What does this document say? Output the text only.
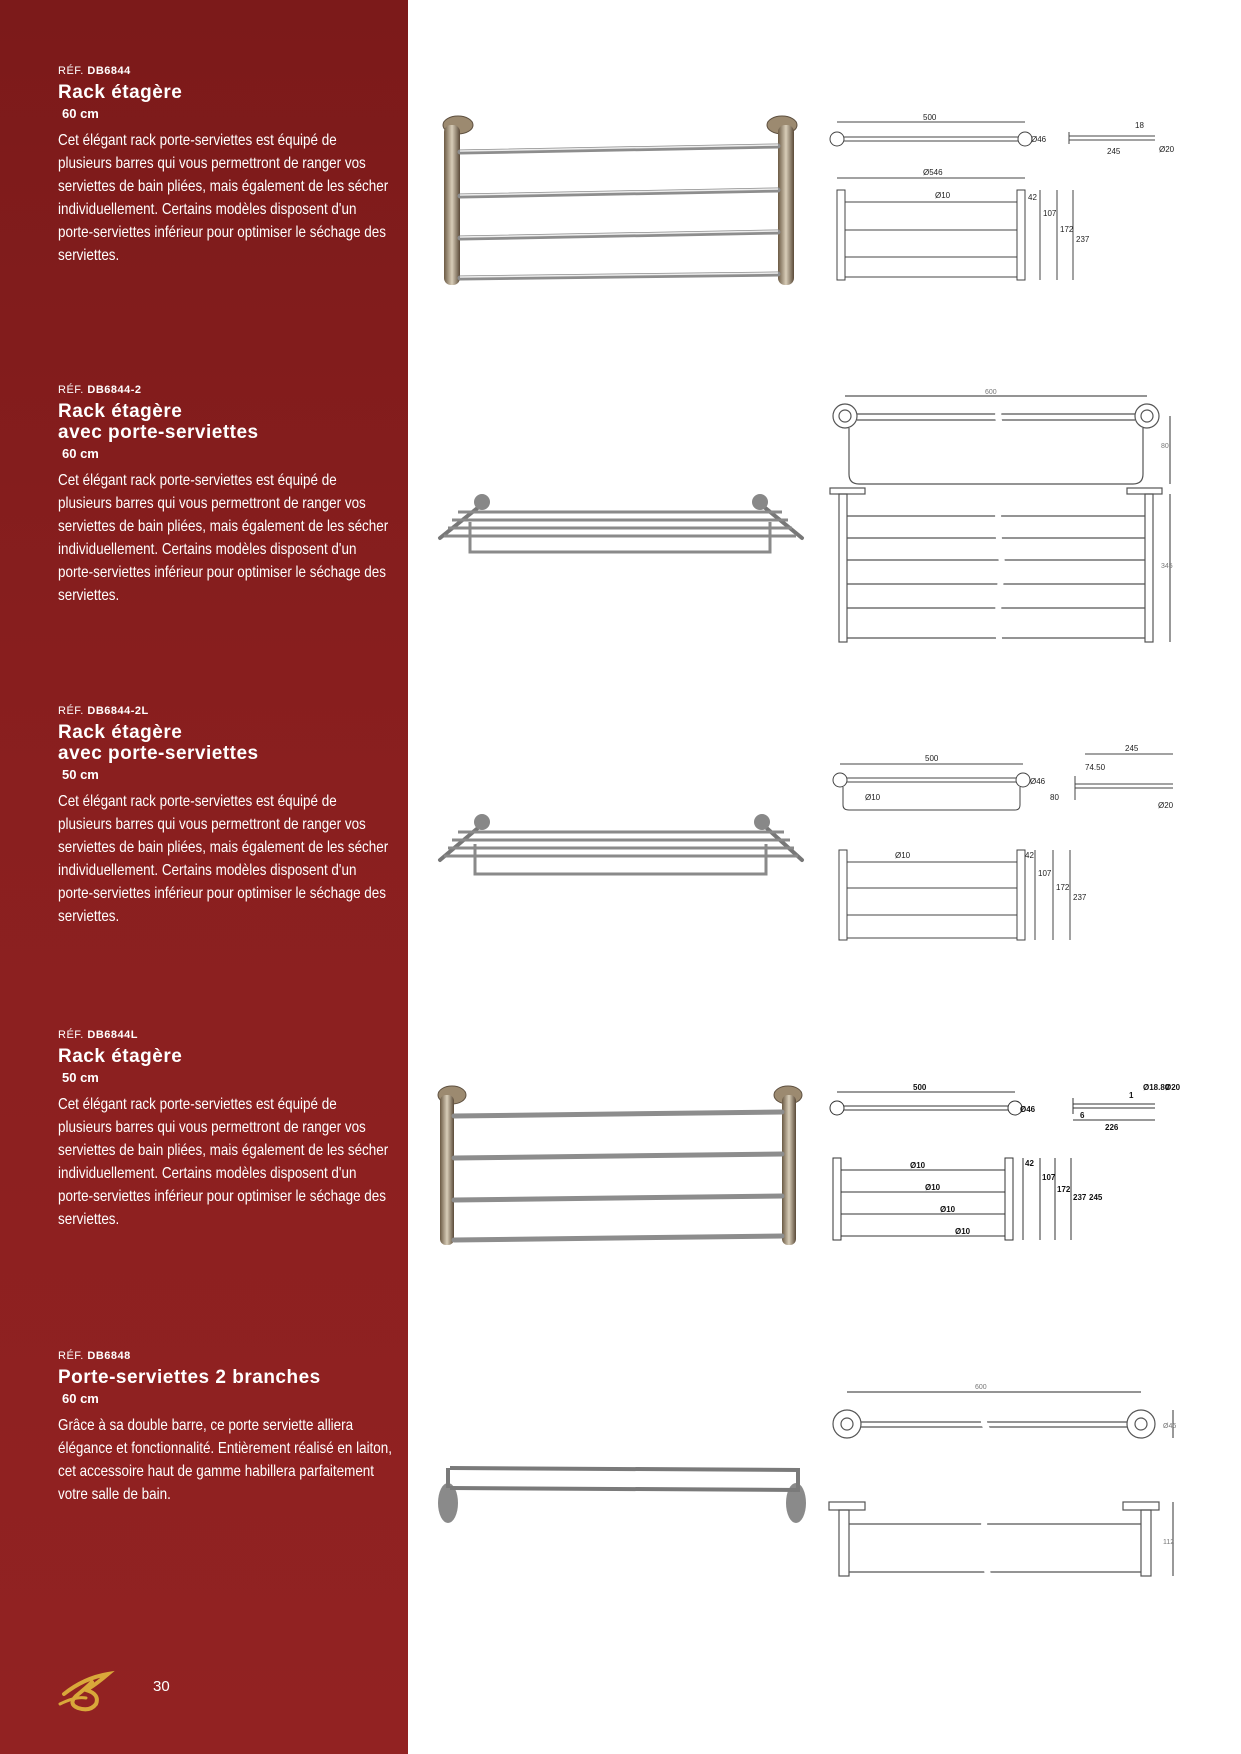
RÉF. DB6844
Rack étagère
60 cm
Cet élégant rack porte-serviettes est équipé de plusieurs barres qui vous permettront de ranger vos serviettes de bain pliées, mais également de les sécher individuellement. Certains modèles disposent d'un porte-serviettes inférieur pour optimiser le séchage des serviettes.
RÉF. DB6844-2
Rack étagère
avec porte-serviettes
60 cm
Cet élégant rack porte-serviettes est équipé de plusieurs barres qui vous permettront de ranger vos serviettes de bain pliées, mais également de les sécher individuellement. Certains modèles disposent d'un porte-serviettes inférieur pour optimiser le séchage des serviettes.
RÉF. DB6844-2L
Rack étagère
avec porte-serviettes
50 cm
Cet élégant rack porte-serviettes est équipé de plusieurs barres qui vous permettront de ranger vos serviettes de bain pliées, mais également de les sécher individuellement. Certains modèles disposent d'un porte-serviettes inférieur pour optimiser le séchage des serviettes.
RÉF. DB6844L
Rack étagère
50 cm
Cet élégant rack porte-serviettes est équipé de plusieurs barres qui vous permettront de ranger vos serviettes de bain pliées, mais également de les sécher individuellement. Certains modèles disposent d'un porte-serviettes inférieur pour optimiser le séchage des serviettes.
RÉF. DB6848
Porte-serviettes 2 branches
60 cm
Grâce à sa double barre, ce porte serviette alliera élégance et fonctionnalité. Entièrement réalisé en laiton, cet accessoire haut de gamme habillera parfaitement votre salle de bain.
30
500
18
Ø46
245	Ø20
Ø546
Ø10	42
107
172
237
600
80
345
245
74.50
500
Ø46
Ø10	80
Ø20
Ø10	42
107
172
237
500
Ø46
1
Ø18.80
Ø20
6
226
Ø10
Ø10
Ø10
Ø10
42
107
172
237 245
600
Ø46
112
